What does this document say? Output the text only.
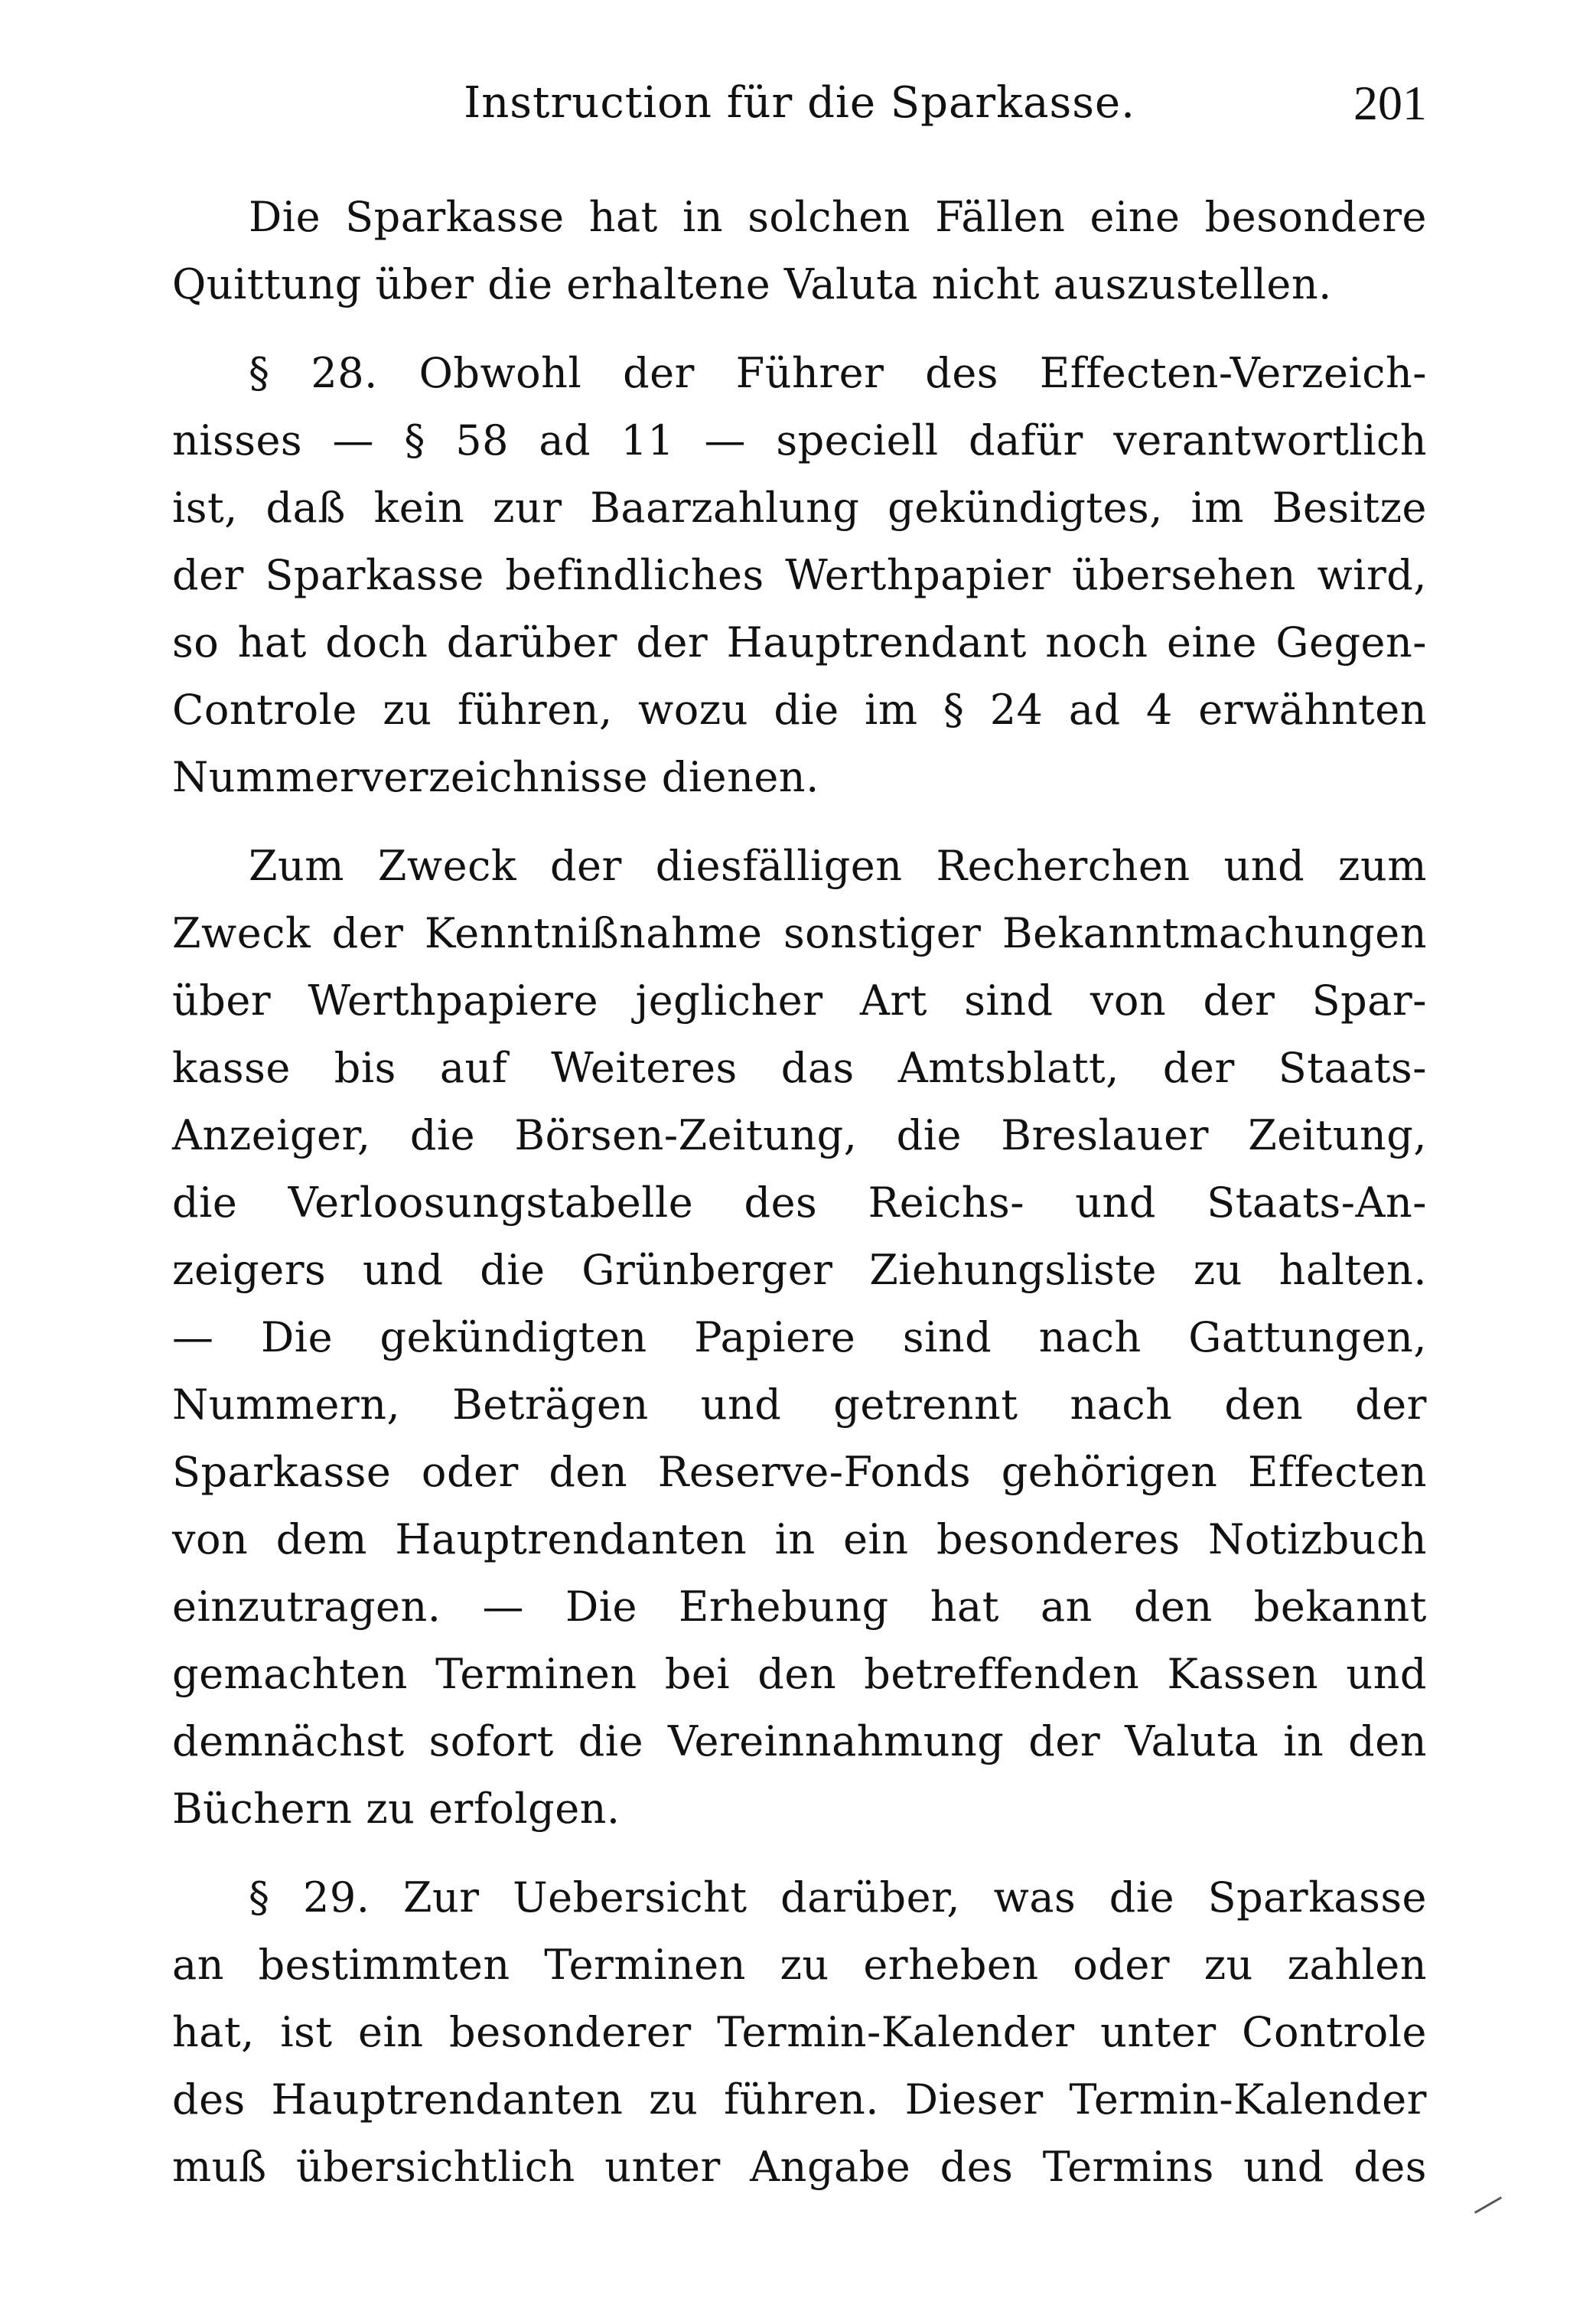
Instruction für die Sparkasse.	201
Die Sparkasse hat in solchen Fällen eine besondere
Quittung über die erhaltene Valuta nicht auszustellen.
§ 28. Obwohl der Führer des Effecten-Verzeich-
nisses — § 58 ad 11 — speciell dafür verantwortlich
ist, daß kein zur Baarzahlung gekündigtes, im Besitze
der Sparkasse befindliches Werthpapier übersehen wird,
so hat doch darüber der Hauptrendant noch eine Gegen-
Controle zu führen, wozu die im § 24 ad 4 erwähnten
Nummerverzeichnisse dienen.
Zum Zweck der diesfälligen Recherchen und zum
Zweck der Kenntnißnahme sonstiger Bekanntmachungen
über Werthpapiere jeglicher Art sind von der Spar-
kasse bis auf Weiteres das Amtsblatt, der Staats-
Anzeiger, die Börsen-Zeitung, die Breslauer Zeitung,
die Verloosungstabelle des Reichs- und Staats-An-
zeigers und die Grünberger Ziehungsliste zu halten.
— Die gekündigten Papiere sind nach Gattungen,
Nummern, Beträgen und getrennt nach den der
Sparkasse oder den Reserve-Fonds gehörigen Effecten
von dem Hauptrendanten in ein besonderes Notizbuch
einzutragen. — Die Erhebung hat an den bekannt
gemachten Terminen bei den betreffenden Kassen und
demnächst sofort die Vereinnahmung der Valuta in den
Büchern zu erfolgen.
§ 29. Zur Uebersicht darüber, was die Sparkasse
an bestimmten Terminen zu erheben oder zu zahlen
hat, ist ein besonderer Termin-Kalender unter Controle
des Hauptrendanten zu führen. Dieser Termin-Kalender
muß übersichtlich unter Angabe des Termins und des
